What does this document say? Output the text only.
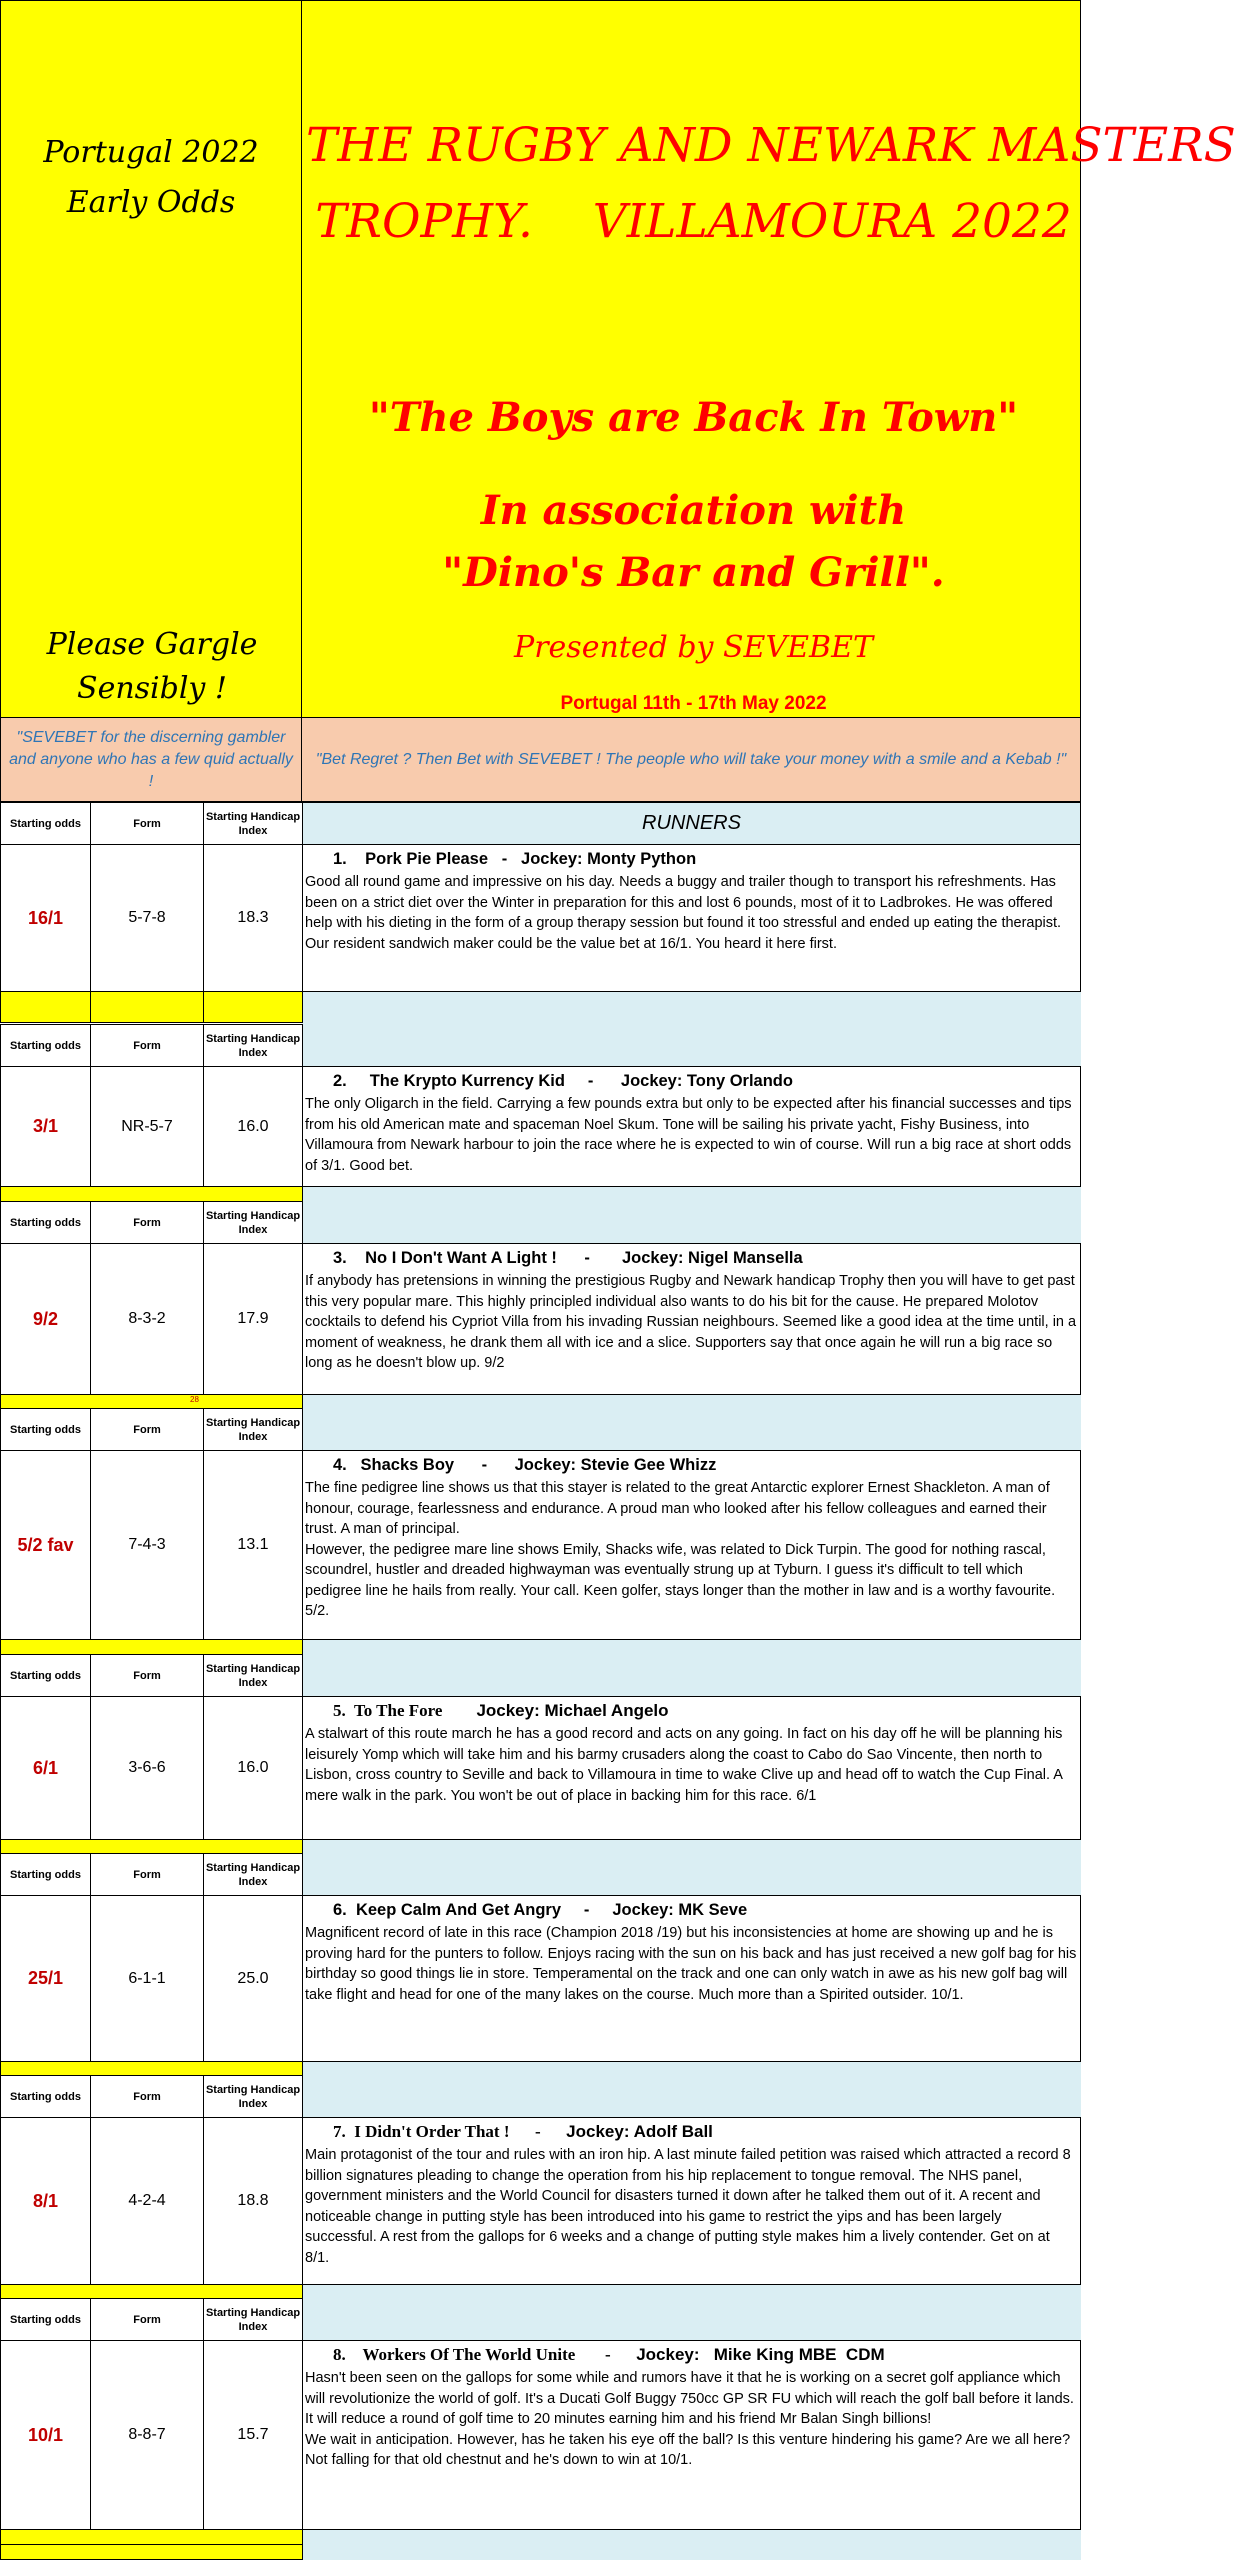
Portugal 2022 Early Odds
Please Gargle Sensibly !
THE RUGBY AND NEWARK MASTERS
TROPHY.    VILLAMOURA 2022
"The Boys are Back In Town"
In association with
"Dino's Bar and Grill".
Presented by SEVEBET
Portugal 11th - 17th May 2022
"SEVEBET for the discerning gambler and anyone who has a few quid actually !
"Bet Regret ? Then Bet with SEVEBET ! The people who will take your money with a smile and a Kebab !"
Starting odds	Form
Starting Handicap Index	RUNNERS
16/1	5-7-8	18.3
1. Pork Pie Please   -   Jockey: Monty Python
Good all round game and impressive on his day. Needs a buggy and trailer though to transport his refreshments. Has been on a strict diet over the Winter in preparation for this and lost 6 pounds, most of it to Ladbrokes. He was offered help with his dieting in the form of a group therapy session but found it too stressful and ended up eating the therapist. Our resident sandwich maker could be the value bet at 16/1. You heard it here first.
Starting odds	Form
Starting Handicap Index
3/1	NR-5-7	16.0
2. The Krypto Kurrency Kid     -      Jockey: Tony Orlando
The only Oligarch in the field. Carrying a few pounds extra but only to be expected after his financial successes and tips from his old American mate and spaceman Noel Skum. Tone will be sailing his private yacht, Fishy Business, into Villamoura from Newark harbour to join the race where he is expected to win of course. Will run a big race at short odds of 3/1. Good bet.
Starting odds	Form
Starting Handicap Index
9/2	8-3-2	17.9
3. No I Don't Want A Light !      -       Jockey: Nigel Mansella
If anybody has pretensions in winning the prestigious Rugby and Newark handicap Trophy then you will have to get past this very popular mare. This highly principled individual also wants to do his bit for the cause. He prepared Molotov cocktails to defend his Cypriot Villa from his invading Russian neighbours. Seemed like a good idea at the time until, in a moment of weakness, he drank them all with ice and a slice. Supporters say that once again he will run a big race so long as he doesn't blow up. 9/2
28
Starting odds	Form
Starting Handicap Index
5/2 fav	7-4-3	13.1
4. Shacks Boy      -      Jockey: Stevie Gee Whizz
The fine pedigree line shows us that this stayer is related to the great Antarctic explorer Ernest Shackleton. A man of honour, courage, fearlessness and endurance. A proud man who looked after his fellow colleagues and earned their trust. A man of principal.
However, the pedigree mare line shows Emily, Shacks wife, was related to Dick Turpin. The good for nothing rascal, scoundrel, hustler and dreaded highwayman was eventually strung up at Tyburn. I guess it's difficult to tell which pedigree line he hails from really. Your call. Keen golfer, stays longer than the mother in law and is a worthy favourite. 5/2.
Starting odds	Form
Starting Handicap Index
6/1	3-6-6	16.0
5. To The Fore Jockey: Michael Angelo
A stalwart of this route march he has a good record and acts on any going. In fact on his day off he will be planning his leisurely Yomp which will take him and his barmy crusaders along the coast to Cabo do Sao Vincente, then north to Lisbon, cross country to Seville and back to Villamoura in time to wake Clive up and head off to watch the Cup Final. A mere walk in the park. You won't be out of place in backing him for this race. 6/1
Starting odds	Form
Starting Handicap Index
25/1	6-1-1	25.0
6. Keep Calm And Get Angry     -     Jockey: MK Seve
Magnificent record of late in this race (Champion 2018 /19) but his inconsistencies at home are showing up and he is proving hard for the punters to follow. Enjoys racing with the sun on his back and has just received a new golf bag for his birthday so good things lie in store. Temperamental on the track and one can only watch in awe as his new golf bag will take flight and head for one of the many lakes on the course. Much more than a Spirited outsider. 10/1.
Starting odds	Form
Starting Handicap Index
8/1	4-2-4	18.8
7. I Didn't Order That !      -      Jockey: Adolf Ball
Main protagonist of the tour and rules with an iron hip. A last minute failed petition was raised which attracted a record 8 billion signatures pleading to change the operation from his hip replacement to tongue removal. The NHS panel, government ministers and the World Council for disasters turned it down after he talked them out of it. A recent and noticeable change in putting style has been introduced into his game to restrict the yips and has been largely successful. A rest from the gallops for 6 weeks and a change of putting style makes him a lively contender. Get on at 8/1.
Starting odds	Form
Starting Handicap Index
10/1	8-8-7	15.7
8. Workers Of The World Unite       -      Jockey:   Mike King MBE  CDM
Hasn't been seen on the gallops for some while and rumors have it that he is working on a secret golf appliance which will revolutionize the world of golf. It's a Ducati Golf Buggy 750cc GP SR FU which will reach the golf ball before it lands. It will reduce a round of golf time to 20 minutes earning him and his friend Mr Balan Singh billions!
We wait in anticipation. However, has he taken his eye off the ball? Is this venture hindering his game? Are we all here? Not falling for that old chestnut and he's down to win at 10/1.
